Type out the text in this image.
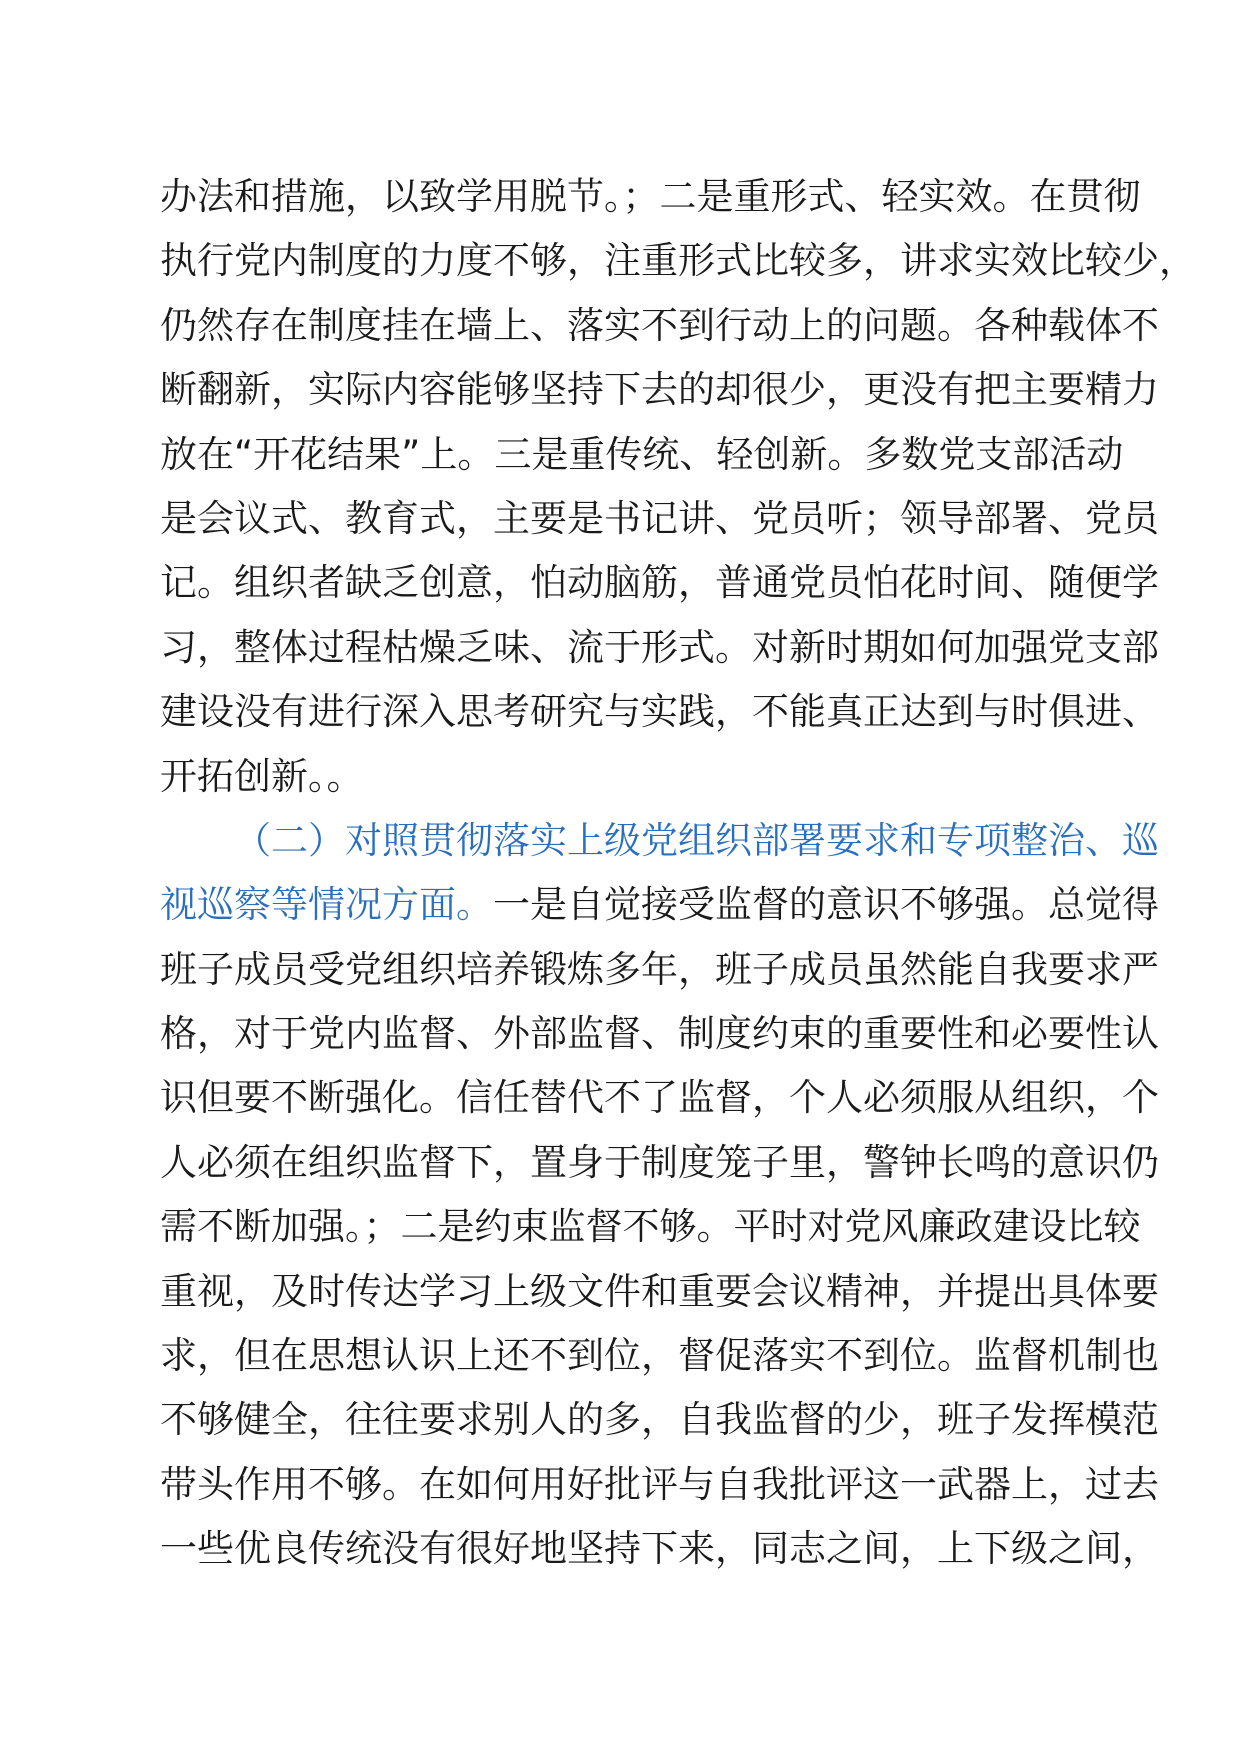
办法和措施，以致学用脱节。；二是重形式、轻实效。在贯彻
执行党内制度的力度不够，注重形式比较多，讲求实效比较少，
仍然存在制度挂在墙上、落实不到行动上的问题。各种载体不
断翻新，实际内容能够坚持下去的却很少，更没有把主要精力
放在“开花结果”上。三是重传统、轻创新。多数党支部活动
是会议式、教育式，主要是书记讲、党员听；领导部署、党员
记。组织者缺乏创意，怕动脑筋，普通党员怕花时间、随便学
习，整体过程枯燥乏味、流于形式。对新时期如何加强党支部
建设没有进行深入思考研究与实践，不能真正达到与时俱进、
开拓创新。。
（二）对照贯彻落实上级党组织部署要求和专项整治、巡
视巡察等情况方面。一是自觉接受监督的意识不够强。总觉得
班子成员受党组织培养锻炼多年，班子成员虽然能自我要求严
格，对于党内监督、外部监督、制度约束的重要性和必要性认
识但要不断强化。信任替代不了监督，个人必须服从组织，个
人必须在组织监督下，置身于制度笼子里，警钟长鸣的意识仍
需不断加强。；二是约束监督不够。平时对党风廉政建设比较
重视，及时传达学习上级文件和重要会议精神，并提出具体要
求，但在思想认识上还不到位，督促落实不到位。监督机制也
不够健全，往往要求别人的多，自我监督的少，班子发挥模范
带头作用不够。在如何用好批评与自我批评这一武器上，过去
一些优良传统没有很好地坚持下来，同志之间，上下级之间，
